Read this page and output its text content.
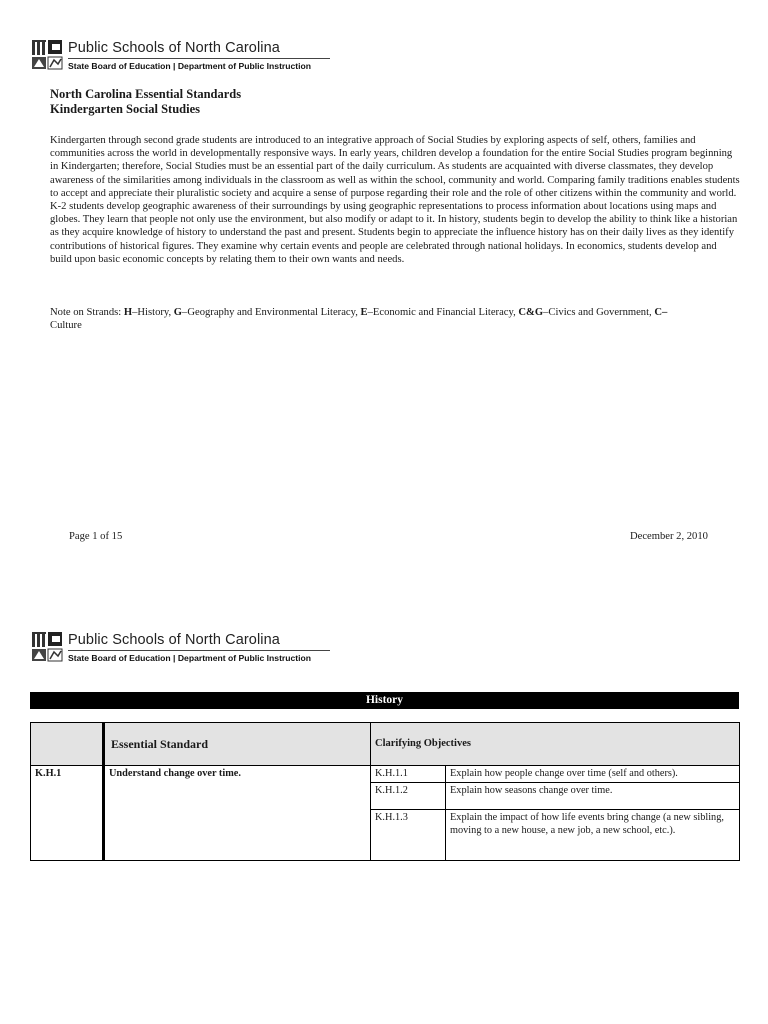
Public Schools of North Carolina
State Board of Education | Department of Public Instruction
North Carolina Essential Standards
Kindergarten Social Studies

Kindergarten through second grade students are introduced to an integrative approach of Social Studies by exploring aspects of self, others, families and communities across the world in developmentally responsive ways. In early years, children develop a foundation for the entire Social Studies program beginning in Kindergarten; therefore, Social Studies must be an essential part of the daily curriculum. As students are acquainted with diverse classmates, they develop awareness of the similarities among individuals in the classroom as well as within the school, community and world. Comparing family traditions enables students to accept and appreciate their pluralistic society and acquire a sense of purpose regarding their role and the role of other citizens within the community and world. K-2 students develop geographic awareness of their surroundings by using geographic representations to process information about locations using maps and globes. They learn that people not only use the environment, but also modify or adapt to it. In history, students begin to develop the ability to think like a historian as they acquire knowledge of history to understand the past and present. Students begin to appreciate the influence history has on their daily lives as they identify contributions of historical figures. They examine why certain events and people are celebrated through national holidays. In economics, students develop and build upon basic economic concepts by relating them to their own wants and needs.

Note on Strands: H–History, G–Geography and Environmental Literacy, E–Economic and Financial Literacy, C&G–Civics and Government, C–
Culture

Page 1 of 15	December 2, 2010
Public Schools of North Carolina
State Board of Education | Department of Public Instruction
History
	Essential Standard	Clarifying Objectives	
K.H.1	Understand change over time.	K.H.1.1	Explain how people change over time (self and others).
		K.H.1.2	Explain how seasons change over time.
		K.H.1.3	Explain the impact of how life events bring change (a new sibling, moving to a new house, a new job, a new school, etc.).
